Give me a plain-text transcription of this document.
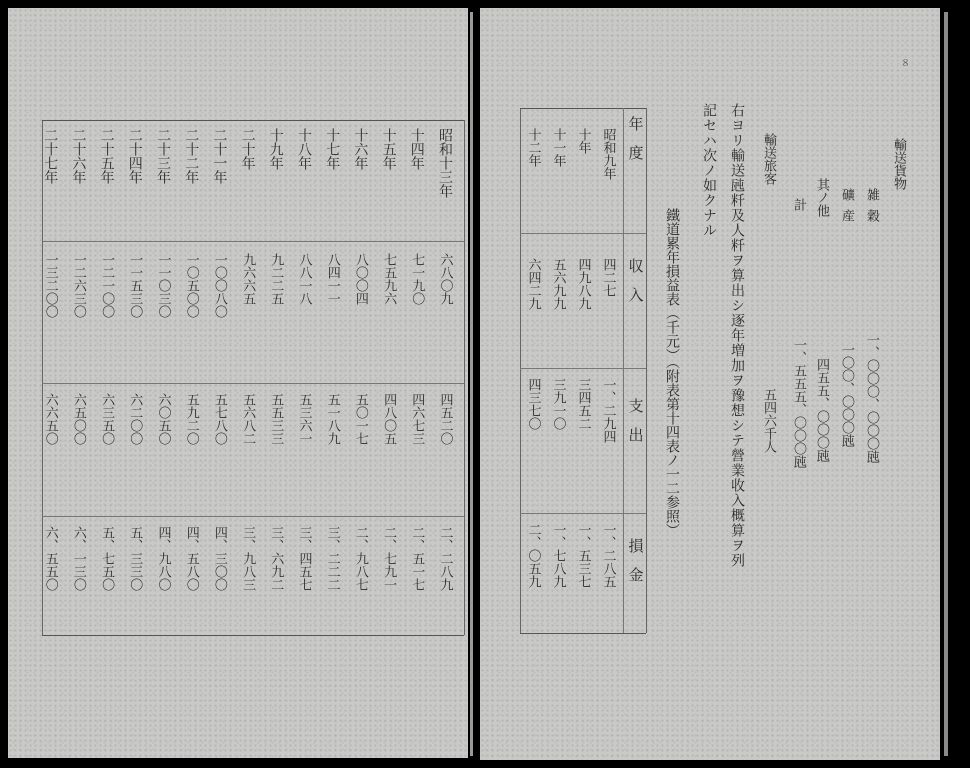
昭和十三年
六八〇九
四五二〇
二、二八九
十四年
七一九〇
四六七三
二、五一七
十五年
七五九六
四八〇五
二、七九一
十六年
八〇〇四
五〇一七
二、九八七
十七年
八四一一
五一八九
三、二二二
十八年
八八一八
五三六一
三、四五七
十九年
九二二五
五五三三
三、六九二
二十年
九六六五
五六八二
三、九八三
二十一年
一〇〇八〇
五七八〇
四、三〇〇
二十二年
一〇五〇〇
五九二〇
四、五八〇
二十三年
一一〇三〇
六〇五〇
四、九八〇
二十四年
一一五三〇
六二〇〇
五、三三〇
二十五年
一二一〇〇
六三五〇
五、七五〇
二十六年
一二六三〇
六五〇〇
六、一三〇
二十七年
一三二〇〇
六六五〇
六、五五〇
８
年度
収入
支出
損金
昭和九年
四二七
一、二九四
一、二八五
十年
四九八九
三四五二
一、五三七
十一年
五六九九
三九一〇
一、七八九
十二年
六四二九
四三七〇
二、〇五九
鐵道累年損益表（千元）（附表第十四表ノ一二参照）
記セハ次ノ如クナル 右ヨリ輸送瓲粁及人粁ヲ算出シ逐年増加ヲ豫想シテ營業收入概算ヲ列 輸送旅客
五四六千人
計
一、五五五、〇〇〇瓲
其ノ他
四五五、〇〇〇瓲
礦産
一〇〇、〇〇〇瓲
雑穀
一、〇〇〇、〇〇〇瓲
輸送貨物
